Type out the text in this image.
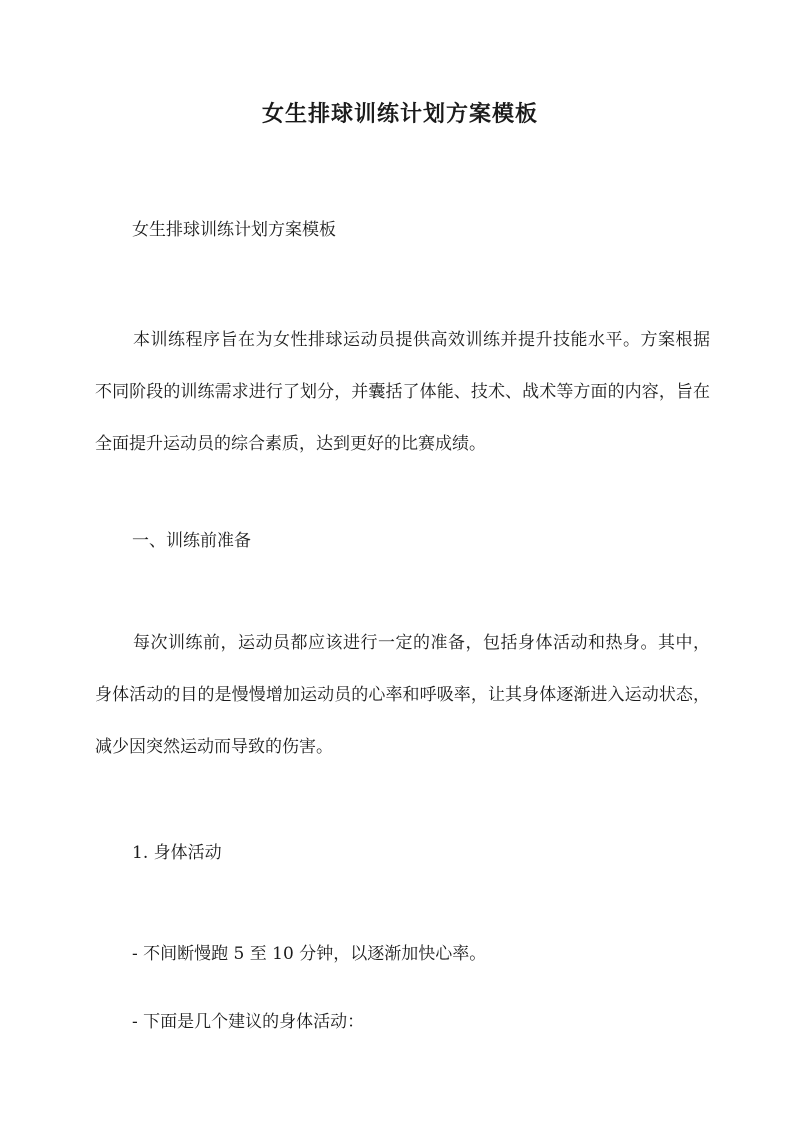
女生排球训练计划方案模板
女生排球训练计划方案模板
本训练程序旨在为女性排球运动员提供高效训练并提升技能水平。方案根据不同阶段的训练需求进行了划分，并囊括了体能、技术、战术等方面的内容，旨在全面提升运动员的综合素质，达到更好的比赛成绩。
一、训练前准备
每次训练前，运动员都应该进行一定的准备，包括身体活动和热身。其中，身体活动的目的是慢慢增加运动员的心率和呼吸率，让其身体逐渐进入运动状态，减少因突然运动而导致的伤害。
1. 身体活动
- 不间断慢跑 5 至 10 分钟，以逐渐加快心率。
- 下面是几个建议的身体活动：
